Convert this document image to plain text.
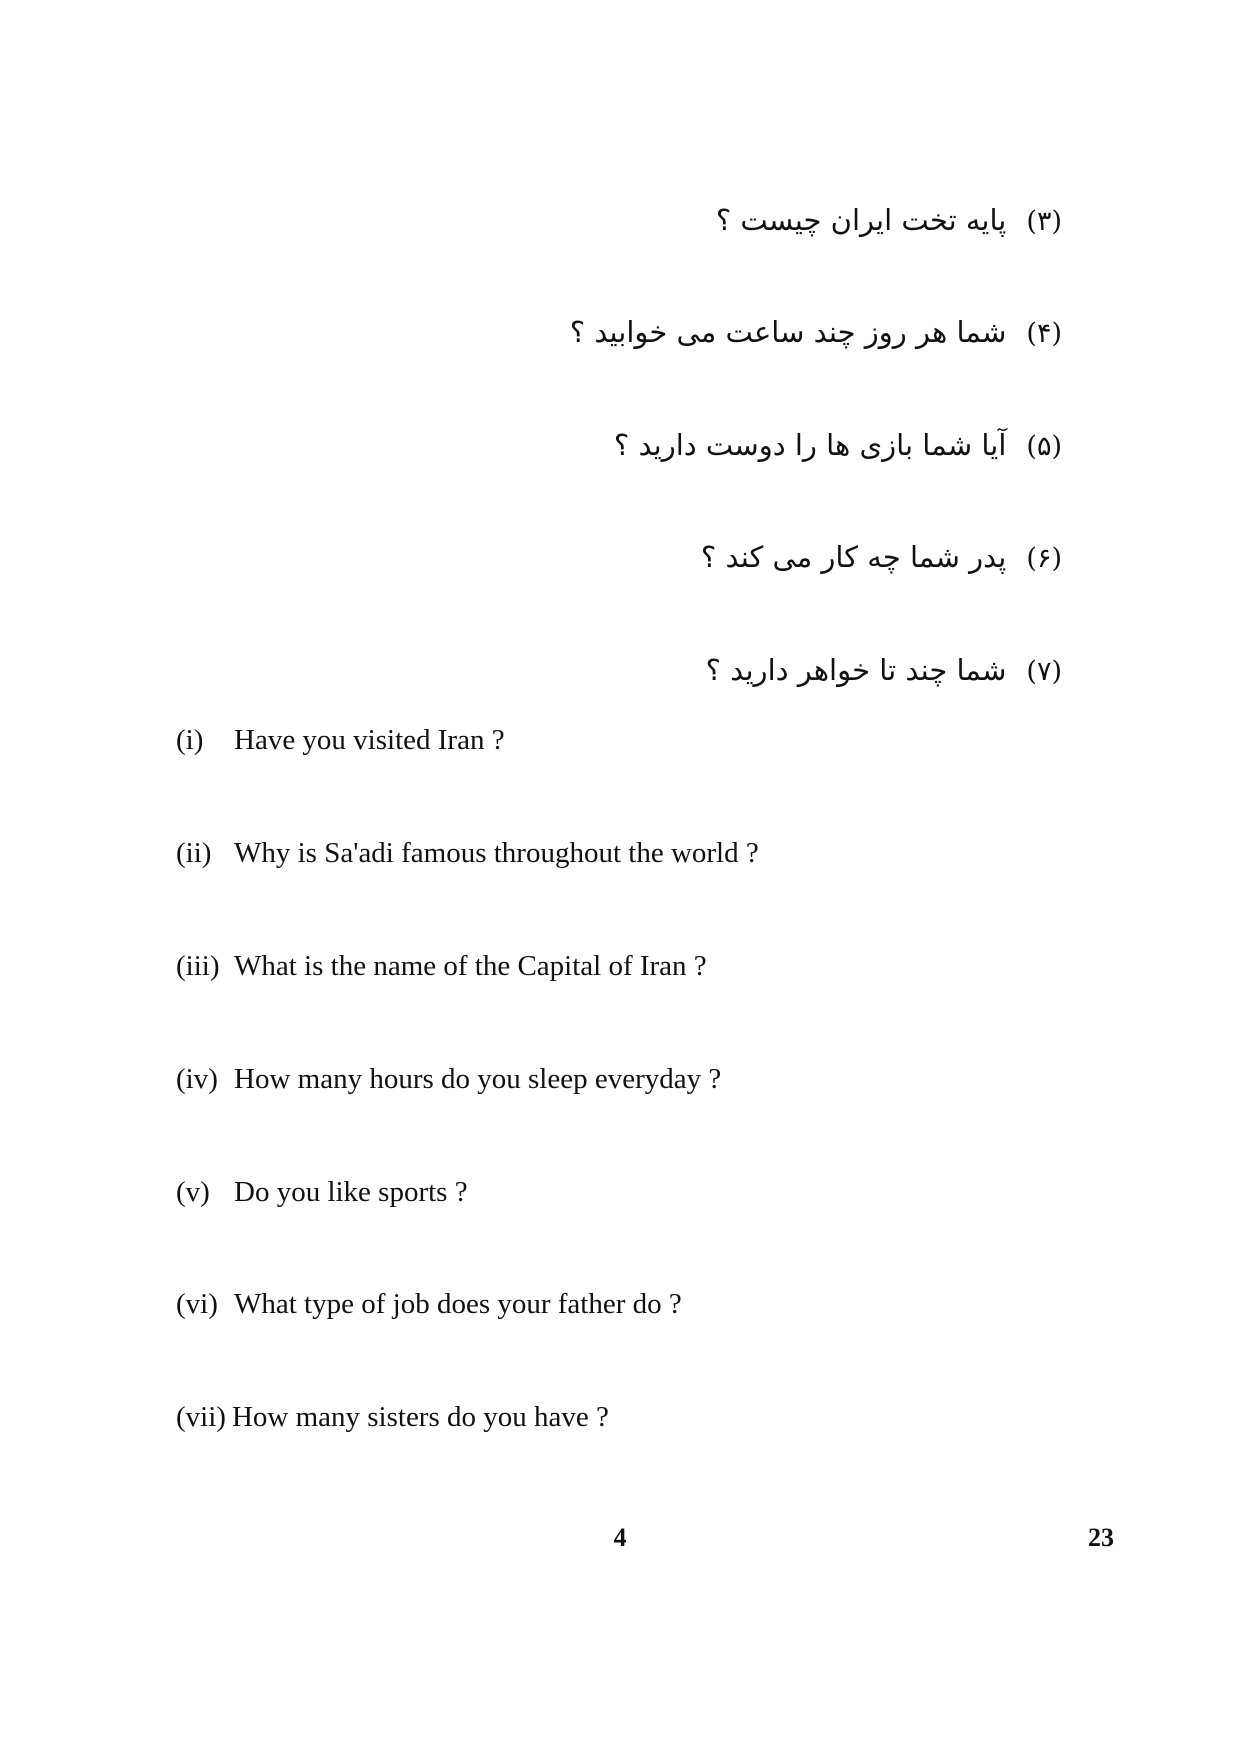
(۳)پایه تخت ایران چیست ؟
(۴)شما هر روز چند ساعت می خوابید ؟
(۵)آیا شما بازی ها را دوست دارید ؟
(۶)پدر شما چه کار می کند ؟
(۷)شما چند تا خواهر دارید ؟
(i) Have you visited Iran ?
(ii) Why is Sa'adi famous throughout the world ?
(iii) What is the name of the Capital of Iran ?
(iv) How many hours do you sleep everyday ?
(v) Do you like sports ?
(vi) What type of job does your father do ?
(vii) How many sisters do you have ?
4	23
